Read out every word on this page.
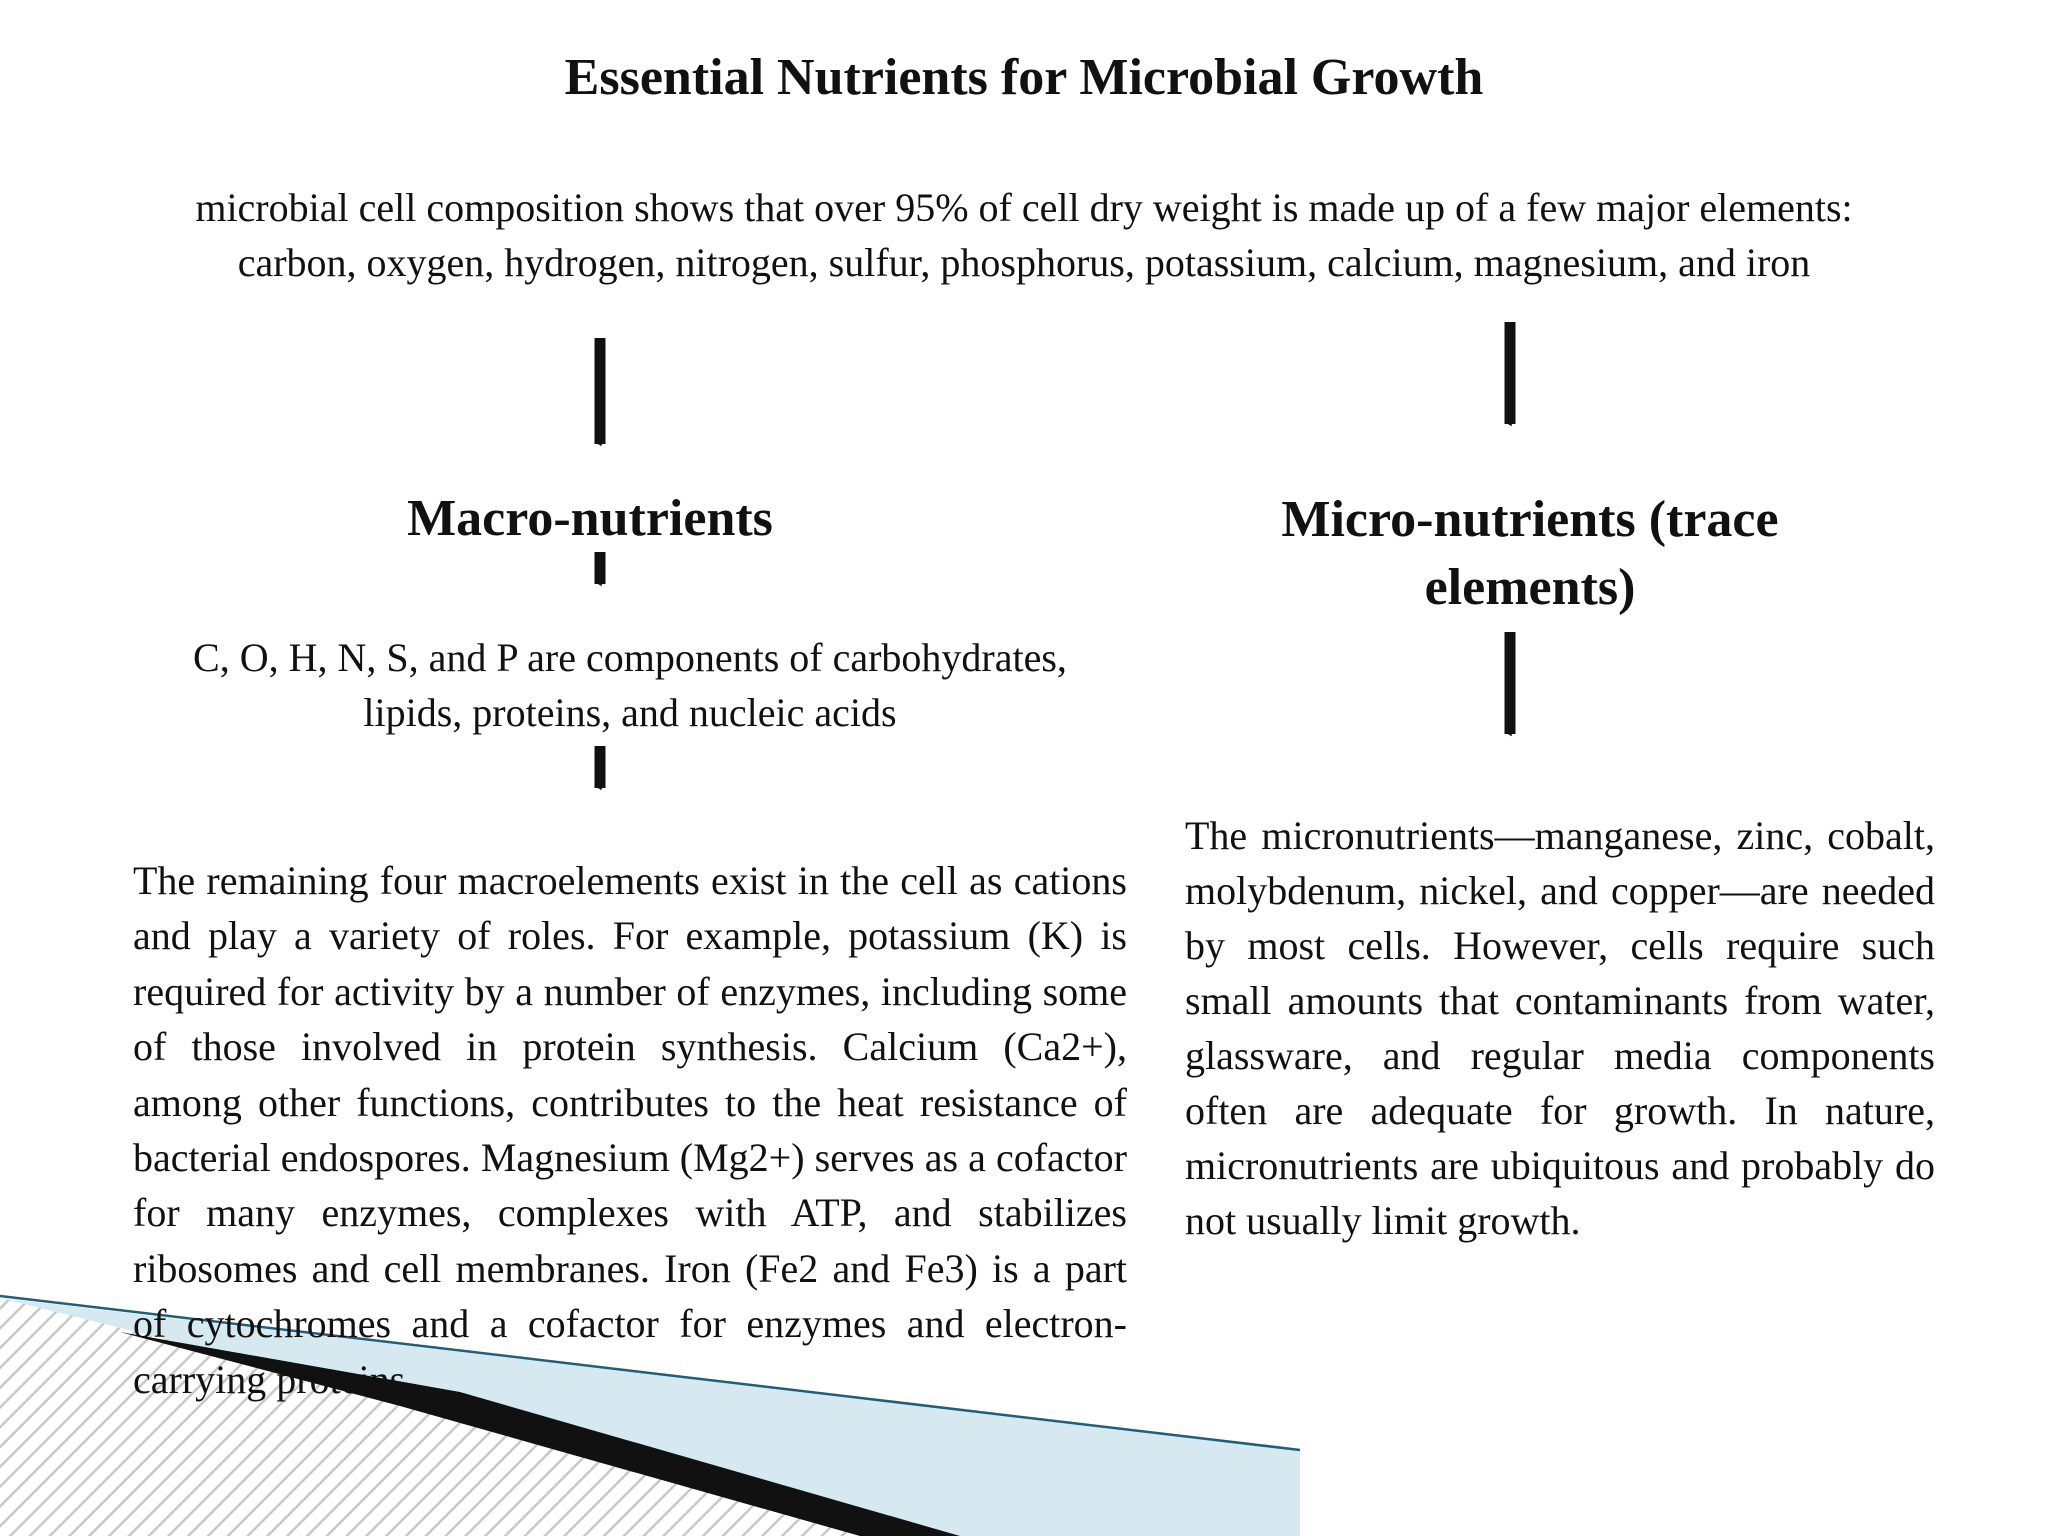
Essential Nutrients for Microbial Growth

microbial cell composition shows that over 95% of cell dry weight is made up of a few major elements: carbon, oxygen, hydrogen, nitrogen, sulfur, phosphorus, potassium, calcium, magnesium, and iron

Macro-nutrients

C, O, H, N, S, and P are components of carbohydrates, lipids, proteins, and nucleic acids

The remaining four macroelements exist in the cell as cations and play a variety of roles. For example, potassium (K) is required for activity by a number of enzymes, including some of those involved in protein synthesis. Calcium (Ca2+), among other functions, contributes to the heat resistance of bacterial endospores. Magnesium (Mg2+) serves as a cofactor for many enzymes, complexes with ATP, and stabilizes ribosomes and cell membranes. Iron (Fe2 and Fe3) is a part of cytochromes and a cofactor for enzymes and electron-carrying proteins

Micro-nutrients (trace elements)

The micronutrients—manganese, zinc, cobalt, molybdenum, nickel, and copper—are needed by most cells. However, cells require such small amounts that contaminants from water, glassware, and regular media components often are adequate for growth. In nature, micronutrients are ubiquitous and probably do not usually limit growth.
